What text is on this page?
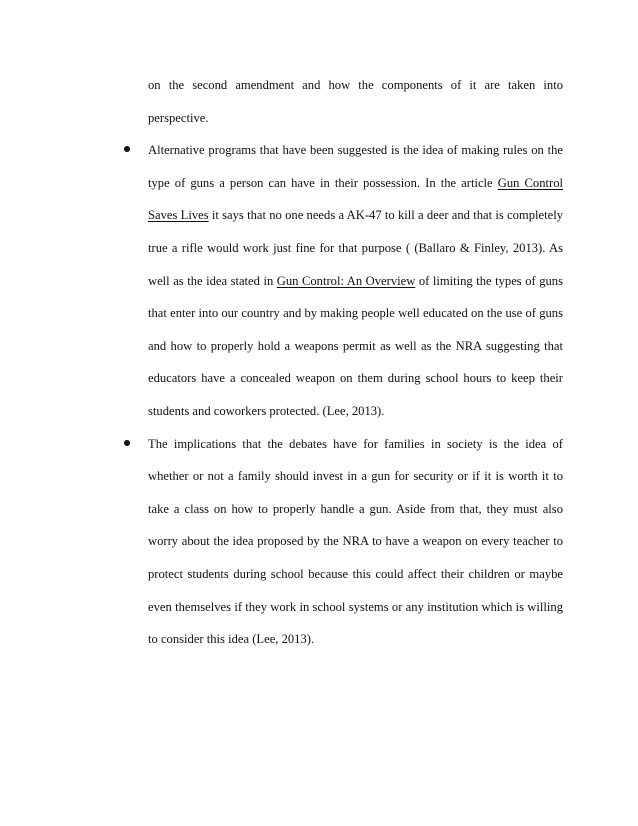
on the second amendment and how the components of it are taken into
perspective.
Alternative programs that have been suggested is the idea of making rules on the
type of guns a person can have in their possession. In the article Gun Control
Saves Lives it says that no one needs a AK-47 to kill a deer and that is completely
true a rifle would work just fine for that purpose ( (Ballaro & Finley, 2013). As
well as the idea stated in Gun Control: An Overview of limiting the types of guns
that enter into our country and by making people well educated on the use of guns
and how to properly hold a weapons permit as well as the NRA suggesting that
educators have a concealed weapon on them during school hours to keep their
students and coworkers protected. (Lee, 2013).
The implications that the debates have for families in society is the idea of
whether or not a family should invest in a gun for security or if it is worth it to
take a class on how to properly handle a gun. Aside from that, they must also
worry about the idea proposed by the NRA to have a weapon on every teacher to
protect students during school because this could affect their children or maybe
even themselves if they work in school systems or any institution which is willing
to consider this idea (Lee, 2013).
